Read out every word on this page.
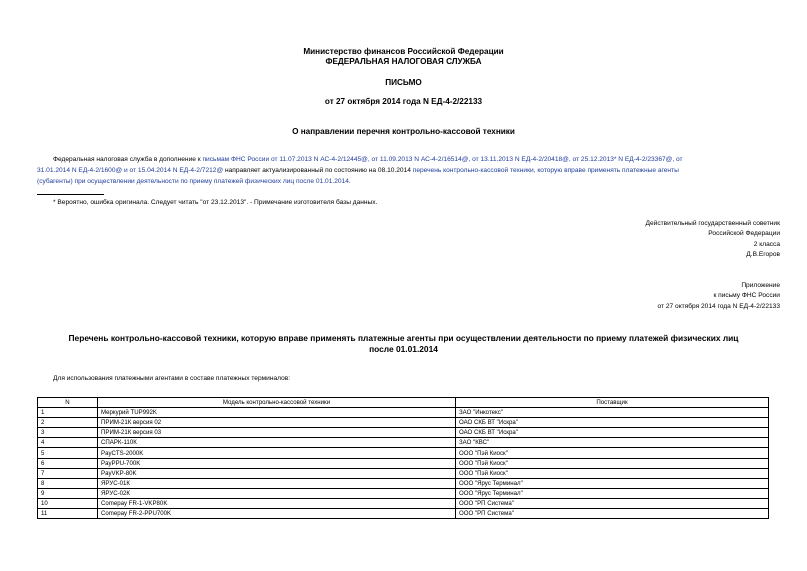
Министерство финансов Российской Федерации
ФЕДЕРАЛЬНАЯ НАЛОГОВАЯ СЛУЖБА
ПИСЬМО
от 27 октября 2014 года N ЕД-4-2/22133
О направлении перечня контрольно-кассовой техники
Федеральная налоговая служба в дополнение к письмам ФНС России от 11.07.2013 N АС-4-2/12445@, от 11.09.2013 N АС-4-2/16514@, от 13.11.2013 N ЕД-4-2/20418@, от 25.12.2013* N ЕД-4-2/23367@, от
31.01.2014 N ЕД-4-2/1600@ и от 15.04.2014 N ЕД-4-2/7212@ направляет актуализированный по состоянию на 08.10.2014 перечень контрольно-кассовой техники, которую вправе применять платежные агенты
(субагенты) при осуществлении деятельности по приему платежей физических лиц после 01.01.2014.
* Вероятно, ошибка оригинала. Следует читать "от 23.12.2013". - Примечание изготовителя базы данных.
Действительный государственный советник
Российской Федерации
2 класса
Д.В.Егоров
Приложение
к письму ФНС России
от 27 октября 2014 года N ЕД-4-2/22133
Перечень контрольно-кассовой техники, которую вправе применять платежные агенты при осуществлении деятельности по приему платежей физических лиц
после 01.01.2014
Для использования платежными агентами в составе платежных терминалов:
N	Модель контрольно-кассовой техники	Поставщик
1	Меркурий TUP992K	ЗАО "Инкотекс"
2	ПРИМ-21К версия 02	ОАО СКБ ВТ "Искра"
3	ПРИМ-21К версия 03	ОАО СКБ ВТ "Искра"
4	СПАРК-110К	ЗАО "КВС"
5	PayCTS-2000K	ООО "Пэй Киоск"
6	PayPPU-700K	ООО "Пэй Киоск"
7	PayVKP-80K	ООО "Пэй Киоск"
8	ЯРУС-01К	ООО "Ярус Терминал"
9	ЯРУС-02К	ООО "Ярус Терминал"
10	Comepay FR-1-VKP80K	ООО "РП Система"
11	Comepay FR-2-PPU700K	ООО "РП Система"
